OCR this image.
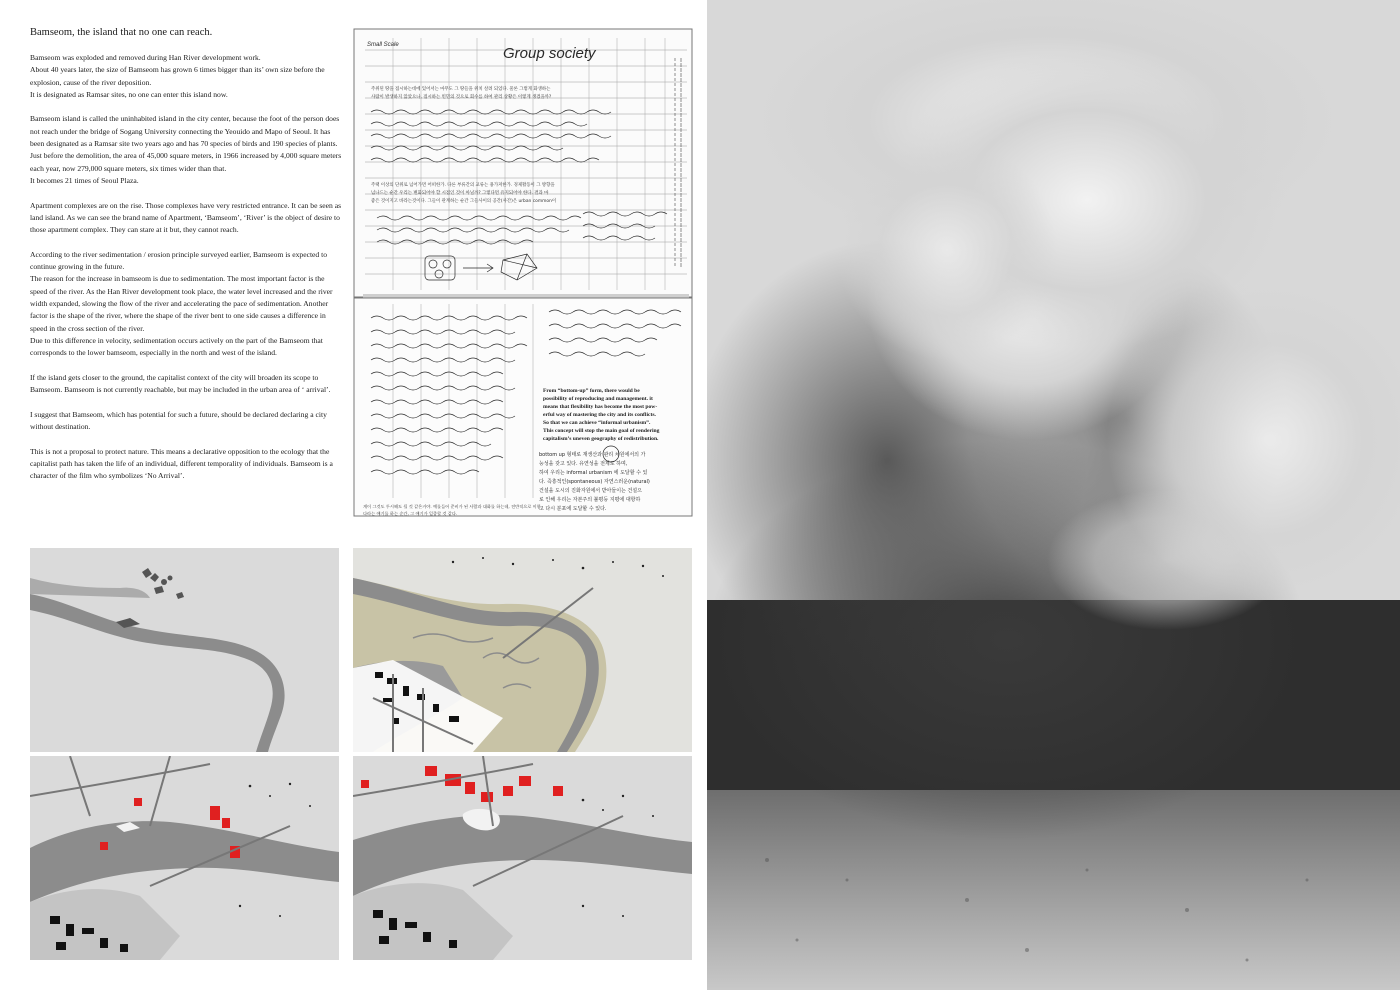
Bamseom, the island that no one can reach.

Bamseom was exploded and removed during Han River development work.
About 40 years later, the size of Bamseom has grown 6 times bigger than its’ own size before the explosion, cause of the river deposition.
It is designated as Ramsar sites, no one can enter this island now.

Bamseom island is called the uninhabited island in the city center, because the foot of the person does not reach under the bridge of Sogang University connecting the Yeouido and Mapo of Seoul. It has been designated as a Ramsar site two years ago and has 70 species of birds and 190 species of plants.
Just before the demolition, the area of 45,000 square meters, in 1966 increased by 4,000 square meters each year, now 279,000 square meters, six times wider than that.
It becomes 21 times of Seoul Plaza.

Apartment complexes are on the rise. Those complexes have very restricted entrance. It can be seen as land island. As we can see the brand name of Apartment, ‘Bamseom’, ‘River’ is the object of desire to those apartment complex. They can stare at it but, they cannot reach.

According to the river sedimentation / erosion principle surveyed earlier, Bamseom is expected to continue growing in the future.
The reason for the increase in bamseom is due to sedimentation. The most important factor is the speed of the river. As the Han River development took place, the water level increased and the river width expanded, slowing the flow of the river and accelerating the pace of sedimentation. Another factor is the shape of the river, where the shape of the river bent to one side causes a difference in speed in the cross section of the river.
Due to this difference in velocity, sedimentation occurs actively on the part of the Bamseom that corresponds to the lower bamseom, especially in the north and west of the island.

If the island gets closer to the ground, the capitalist context of the city will broaden its scope to Bamseom. Bamseom is not currently reachable, but may be included in the urban area of ‘ arrival’.

I suggest that Bamseom, which has potential for such a future, should be declared declaring a city without destination.

This is not a proposal to protect nature. This means a declarative opposition to the ecology that the capitalist path has taken the life of an individual, different temporality of individuals. Bamseom is a character of the film who symbolizes ‘No Arrival’.

Group society
Small Scale
주위된 땅을 접시하는데에 있어서는 마무도 그 땅들을 위치 살려 되었다. 물론 그렇게 화생하는
사람이 발생하지 않았으나, 접시하는 빈민의 것으로 회수를 하여 관리 상황은 이렇게 생겼을까?
주택 이상의 단위로 넘어가면 어떠한가. 다른 부류간의 교류는 용가져한가. 경제활동이 그 방향을
넘나드는 순간 우리는 변화되어야 할 시점인 것이 아닐까? 그렇다면 유지되어야 한다. 결과 마
좋은 것이지고 바라는것이다. 그들이 관계하는 순간 그들사이의 공간(사간)은 urban common이
From “bottom-up” form, there would be
possibility of reproducing and management. it
means that flexibility has become the most pow-
erful way of mastering the city and its conflicts.
So that we can achieve “informal urbanism”.
This concept will stop the main goal of rendering
capitalism’s uneven geography of redistribution.
bottom up 형태로 재생산과 관리 차원에서의 가
능성을 갖고 있다. 유연성을 전제로 하며,
하여 우리는 informal urbanism 에 도달할 수 있
다. 즉흥적인(spontaneous) 자연스러운(natural)
건설을 도시의 진화자원에서 받아들이는 건설으
로 인해 우리는 자본주의 불평등 지평에 대항하
고 다시 분포에 도달할 수 있다.
계이 그것도 투시해도 될 것 같은거야. 예를들어 준비가 된 사람과 대화를 하는데, 전반적으로 이렇
다라는 얘기를 하는 순간, 그 얘기가 일종할 것 같다.
